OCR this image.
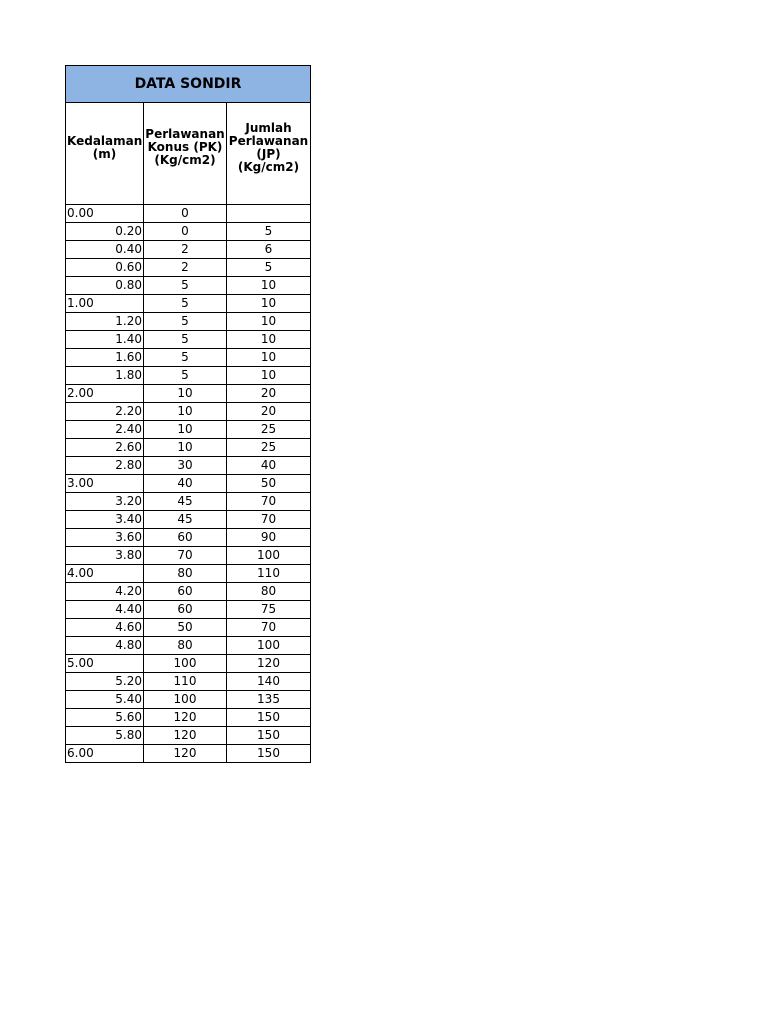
DATA SONDIR		
Kedalaman (m)	Perlawanan Konus (PK) (Kg/cm2)	Jumlah Perlawanan (JP) (Kg/cm2)
0.00	0	
0.20	0	5
0.40	2	6
0.60	2	5
0.80	5	10
1.00	5	10
1.20	5	10
1.40	5	10
1.60	5	10
1.80	5	10
2.00	10	20
2.20	10	20
2.40	10	25
2.60	10	25
2.80	30	40
3.00	40	50
3.20	45	70
3.40	45	70
3.60	60	90
3.80	70	100
4.00	80	110
4.20	60	80
4.40	60	75
4.60	50	70
4.80	80	100
5.00	100	120
5.20	110	140
5.40	100	135
5.60	120	150
5.80	120	150
6.00	120	150
